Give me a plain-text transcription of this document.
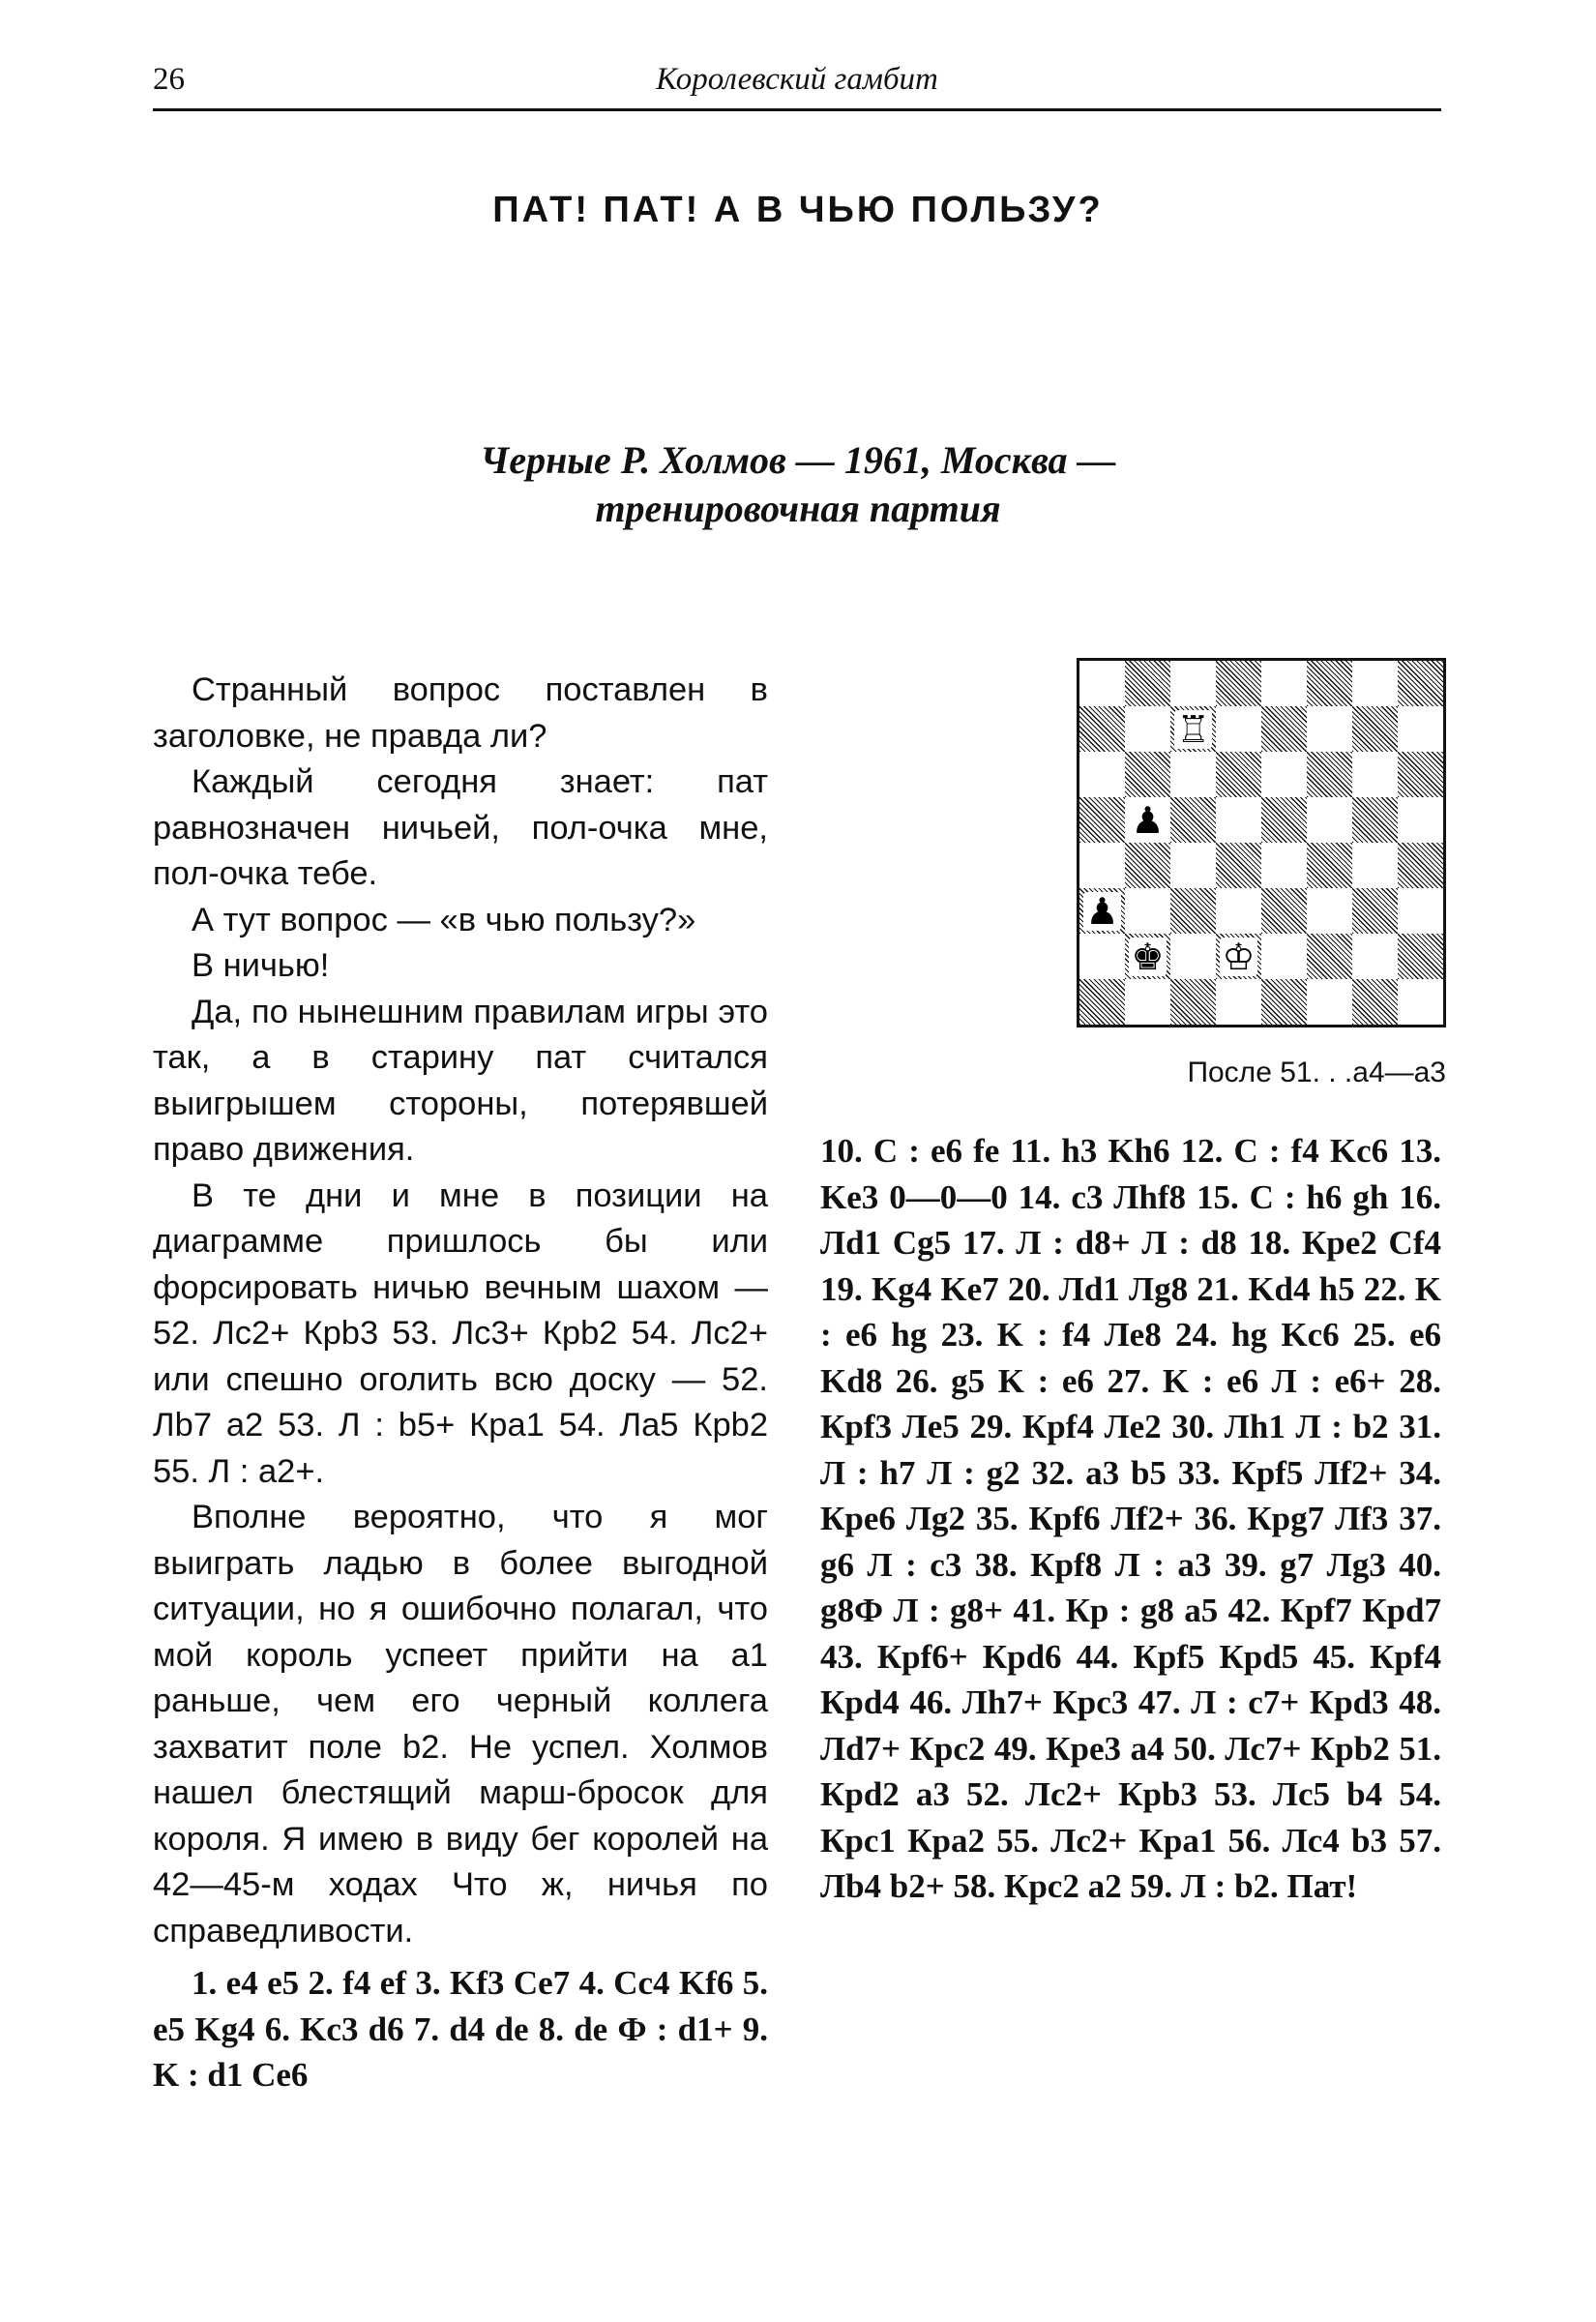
26	Королевский гамбит
ПАТ! ПАТ! А В ЧЬЮ ПОЛЬЗУ?
Черные Р. Холмов — 1961, Москва —
тренировочная партия

Странный вопрос поставлен в заголовке, не правда ли?

Каждый сегодня знает: пат равнозначен ничьей, пол-очка мне, пол-очка тебе.

А тут вопрос — «в чью пользу?»

В ничью!

Да, по нынешним правилам игры это так, а в старину пат считался выигрышем стороны, потерявшей право движения.

В те дни и мне в позиции на диаграмме пришлось бы или форсировать ничью вечным шахом — 52. Лc2+ Кpb3 53. Лc3+ Кpb2 54. Лc2+ или спешно оголить всю доску — 52. Лb7 a2 53. Л : b5+ Кpa1 54. Лa5 Кpb2 55. Л : a2+.

Вполне вероятно, что я мог выиграть ладью в более выгодной ситуации, но я ошибочно полагал, что мой король успеет прийти на a1 раньше, чем его черный коллега захватит поле b2. Не успел. Холмов нашел блестящий марш-бросок для короля. Я имею в виду бег королей на 42—45-м ходах Что ж, ничья по справедливости.

1. e4 e5 2. f4 ef 3. Kf3 Ce7 4. Cc4 Kf6 5. e5 Kg4 6. Kc3 d6 7. d4 de 8. de Ф : d1+ 9. K : d1 Ce6

♖
♟
♟
♚ ♔
После 51. . .a4—a3

10. C : e6 fe 11. h3 Kh6 12. C : f4 Kc6 13. Ke3 0—0—0 14. c3 Лhf8 15. C : h6 gh 16. Лd1 Cg5 17. Л : d8+ Л : d8 18. Кpe2 Cf4 19. Kg4 Ke7 20. Лd1 Лg8 21. Kd4 h5 22. K : e6 hg 23. K : f4 Лe8 24. hg Kc6 25. e6 Kd8 26. g5 K : e6 27. K : e6 Л : e6+ 28. Кpf3 Лe5 29. Кpf4 Лe2 30. Лh1 Л : b2 31. Л : h7 Л : g2 32. a3 b5 33. Кpf5 Лf2+ 34. Кpe6 Лg2 35. Кpf6 Лf2+ 36. Кpg7 Лf3 37. g6 Л : c3 38. Кpf8 Л : a3 39. g7 Лg3 40. g8Ф Л : g8+ 41. Кp : g8 a5 42. Кpf7 Кpd7 43. Кpf6+ Кpd6 44. Кpf5 Кpd5 45. Кpf4 Кpd4 46. Лh7+ Кpc3 47. Л : c7+ Кpd3 48. Лd7+ Кpc2 49. Кpe3 a4 50. Лc7+ Кpb2 51. Кpd2 a3 52. Лc2+ Кpb3 53. Лc5 b4 54. Кpc1 Кpa2 55. Лc2+ Кpa1 56. Лc4 b3 57. Лb4 b2+ 58. Кpc2 a2 59. Л : b2. Пат!
